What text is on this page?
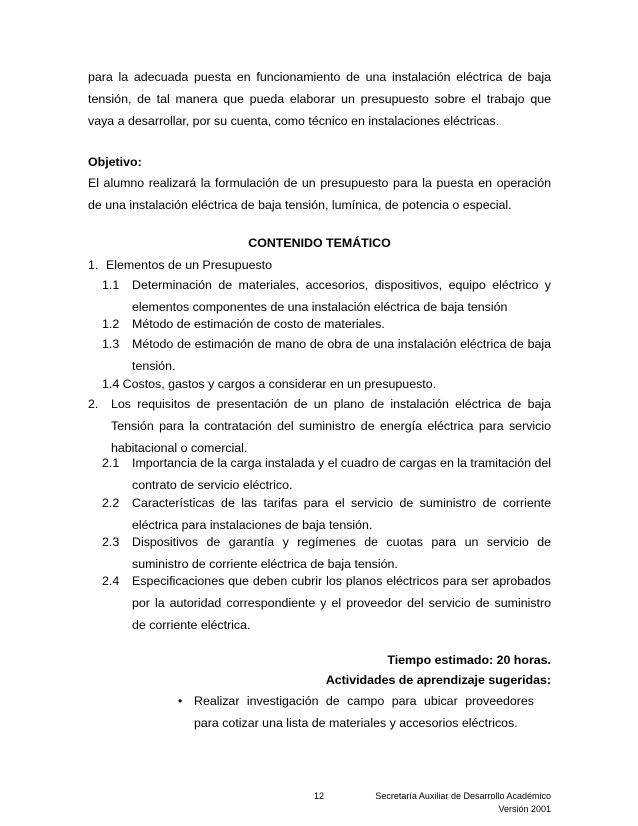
para la adecuada puesta en funcionamiento de una instalación eléctrica de baja tensión, de tal manera que pueda elaborar un presupuesto sobre el trabajo que vaya a desarrollar, por su cuenta, como técnico en instalaciones eléctricas.
Objetivo:
El alumno realizará la formulación de un presupuesto para la puesta en operación de una instalación eléctrica de baja tensión, lumínica, de potencia o especial.
CONTENIDO TEMÁTICO
1. Elementos de un Presupuesto
1.1 Determinación de materiales, accesorios, dispositivos, equipo eléctrico y elementos componentes de una instalación eléctrica de baja tensión
1.2 Método de estimación de costo de materiales.
1.3 Método de estimación de mano de obra de una instalación eléctrica de baja tensión.
1.4 Costos, gastos y cargos a considerar en un presupuesto.
2. Los requisitos de presentación de un plano de instalación eléctrica de baja Tensión para la contratación del suministro de energía eléctrica para servicio habitacional o comercial.
2.1 Importancia de la carga instalada y el cuadro de cargas en la tramitación del contrato de servicio eléctrico.
2.2 Características de las tarifas para el servicio de suministro de corriente eléctrica para instalaciones de baja tensión.
2.3 Dispositivos de garantía y regímenes de cuotas para un servicio de suministro de corriente eléctrica de baja tensión.
2.4 Especificaciones que deben cubrir los planos eléctricos para ser aprobados por la autoridad correspondiente y el proveedor del servicio de suministro de corriente eléctrica.
Tiempo estimado: 20 horas.
Actividades de aprendizaje sugeridas:
• Realizar investigación de campo para ubicar proveedores para cotizar una lista de materiales y accesorios eléctricos.
12	Secretaría Auxiliar de Desarrollo Académico
Versión 2001
